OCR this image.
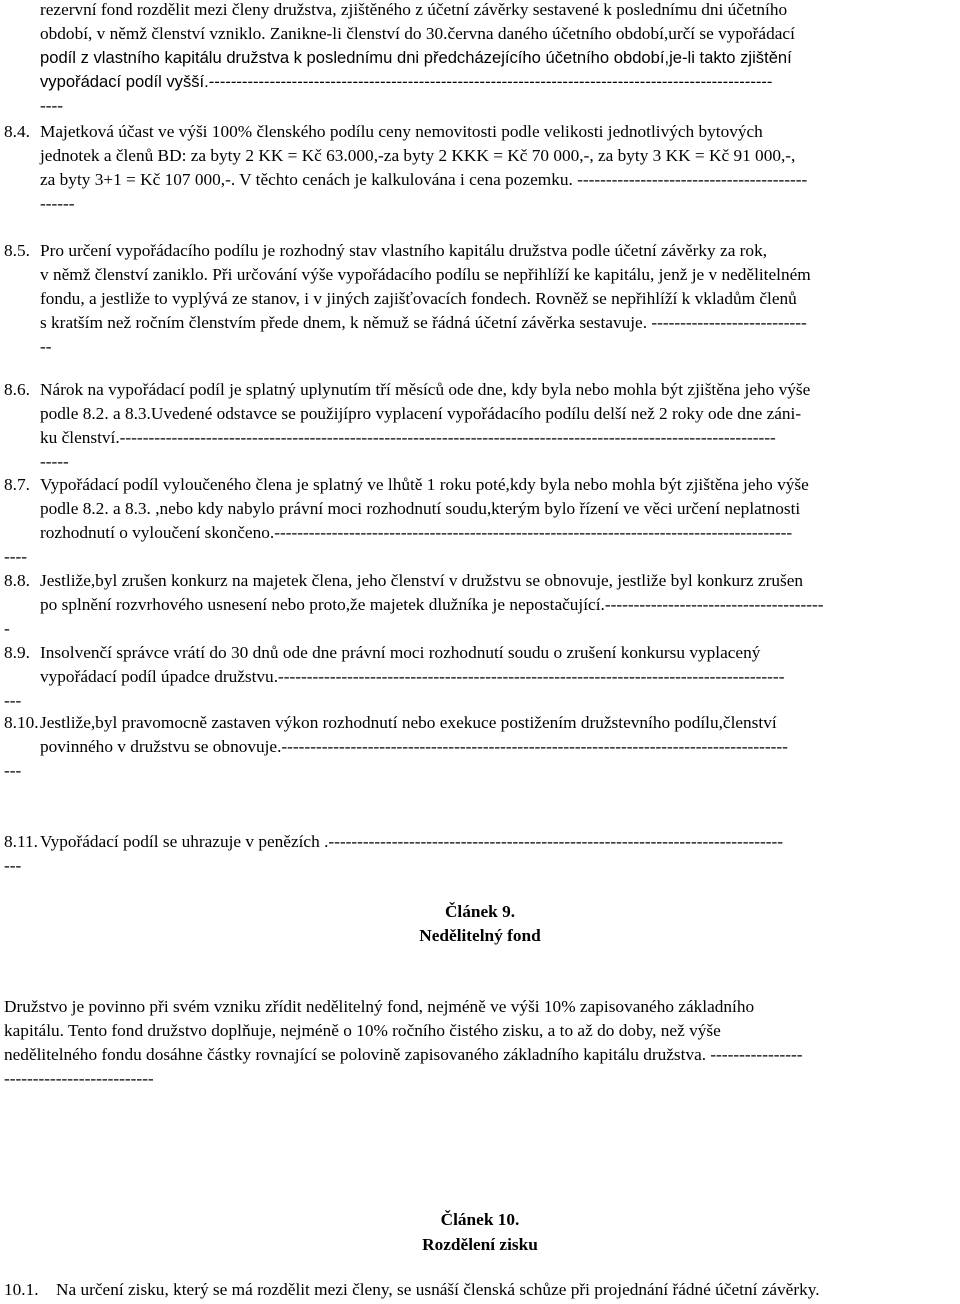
rezervní fond rozdělit mezi členy družstva, zjištěného z účetní závěrky sestavené k poslednímu dni účetního
období, v němž členství vzniklo. Zanikne-li členství do 30.června daného účetního období,určí se vypořádací
podíl z vlastního kapitálu družstva k poslednímu dni předcházejícího účetního období,je-li takto zjištění
vypořádací podíl vyšší.------------------------------------------------------------------------------------------------------
----
8.4. Majetková účast ve výši 100% členského podílu ceny nemovitosti podle velikosti jednotlivých bytových
jednotek a členů BD: za byty 2 KK = Kč 63.000,-za byty 2 KKK = Kč 70 000,-, za byty 3 KK = Kč 91 000,-,
za byty 3+1 = Kč 107 000,-. V těchto cenách je kalkulována i cena pozemku. ----------------------------------------
------
8.5. Pro určení vypořádacího podílu je rozhodný stav vlastního kapitálu družstva podle účetní závěrky za rok,
v němž členství zaniklo. Při určování výše vypořádacího podílu se nepřihlíží ke kapitálu, jenž je v nedělitelném
fondu, a jestliže to vyplývá ze stanov, i v jiných zajišťovacích fondech. Rovněž se nepřihlíží k vkladům členů
s kratším než ročním členstvím přede dnem, k němuž se řádná účetní závěrka sestavuje. ---------------------------
--
8.6. Nárok na vypořádací podíl je splatný uplynutím tří měsíců ode dne, kdy byla nebo mohla být zjištěna jeho výše
podle 8.2. a 8.3.Uvedené odstavce se použijípro vyplacení vypořádacího podílu delší než 2 roky ode dne záni-
ku členství.------------------------------------------------------------------------------------------------------------------
-----
8.7. Vypořádací podíl vyloučeného člena je splatný ve lhůtě 1 roku poté,kdy byla nebo mohla být zjištěna jeho výše
podle 8.2. a 8.3. ,nebo kdy nabylo právní moci rozhodnutí soudu,kterým bylo řízení ve věci určení neplatnosti
rozhodnutí o vyloučení skončeno.------------------------------------------------------------------------------------------
----
8.8. Jestliže,byl zrušen konkurz na majetek člena, jeho členství v družstvu se obnovuje, jestliže byl konkurz zrušen
po splnění rozvrhového usnesení nebo proto,že majetek dlužníka je nepostačující.--------------------------------------
-
8.9. Insolvenčí správce vrátí do 30 dnů ode dne právní moci rozhodnutí soudu o zrušení konkursu vyplacený
vypořádací podíl úpadce družstvu.----------------------------------------------------------------------------------------
---
8.10. Jestliže,byl pravomocně zastaven výkon rozhodnutí nebo exekuce postižením družstevního podílu,členství
povinného v družstvu se obnovuje.----------------------------------------------------------------------------------------
---
8.11. Vypořádací podíl se uhrazuje v penězích .-------------------------------------------------------------------------------
---
Článek 9.
Nedělitelný fond
Družstvo je povinno při svém vzniku zřídit nedělitelný fond, nejméně ve výši 10% zapisovaného základního
kapitálu. Tento fond družstvo doplňuje, nejméně o 10% ročního čistého zisku, a to až do doby, než výše
nedělitelného fondu dosáhne částky rovnající se polovině zapisovaného základního kapitálu družstva. ----------------
--------------------------
Článek 10.
Rozdělení zisku
10.1. Na určení zisku, který se má rozdělit mezi členy, se usnáší členská schůze při projednání řádné účetní závěrky.
